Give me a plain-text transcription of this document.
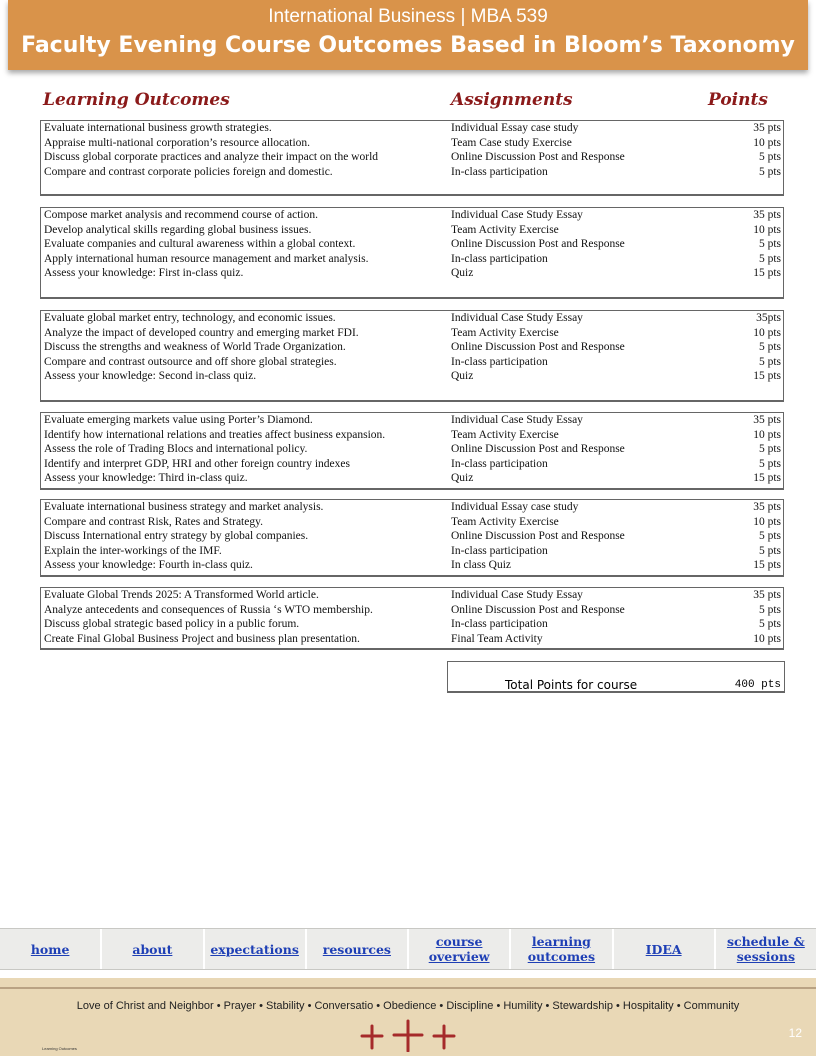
International Business | MBA 539
Faculty Evening Course Outcomes Based in Bloom’s Taxonomy
Learning Outcomes	Assignments	Points
Evaluate international business growth strategies.	Individual Essay case study	35 pts
Appraise multi-national corporation’s resource allocation.	Team Case study Exercise	10 pts
Discuss global corporate practices and analyze their impact on the world	Online Discussion Post and Response	5 pts
Compare and contrast corporate policies foreign and domestic.	In-class participation	5 pts
Compose market analysis and recommend course of action.	Individual Case Study Essay	35 pts
Develop analytical skills regarding global business issues.	Team Activity Exercise	10 pts
Evaluate companies and cultural awareness within a global context.	Online Discussion Post and Response	5 pts
Apply international human resource management and market analysis.	In-class participation	5 pts
Assess your knowledge: First in-class quiz.	Quiz	15 pts
Evaluate global market entry, technology, and economic issues.	Individual Case Study Essay	35pts
Analyze the impact of developed country and emerging market FDI.	Team Activity Exercise	10 pts
Discuss the strengths and weakness of World Trade Organization.	Online Discussion Post and Response	5 pts
Compare and contrast outsource and off shore global strategies.	In-class participation	5 pts
Assess your knowledge: Second in-class quiz.	Quiz	15 pts
Evaluate emerging markets value using Porter’s Diamond.	Individual Case Study Essay	35 pts
Identify how international relations and treaties affect business expansion.	Team Activity Exercise	10 pts
Assess the role of Trading Blocs and international policy.	Online Discussion Post and Response	5 pts
Identify and interpret GDP, HRI and other foreign country indexes	In-class participation	5 pts
Assess your knowledge: Third in-class quiz.	Quiz	15 pts
Evaluate international business strategy and market analysis.	Individual Essay case study	35 pts
Compare and contrast Risk, Rates and Strategy.	Team Activity Exercise	10 pts
Discuss International entry strategy by global companies.	Online Discussion Post and Response	5 pts
Explain the inter-workings of the IMF.	In-class participation	5 pts
Assess your knowledge: Fourth in-class quiz.	In class Quiz	15 pts
Evaluate Global Trends 2025: A Transformed World article.	Individual Case Study Essay	35 pts
Analyze antecedents and consequences of Russia ‘s WTO membership.	Online Discussion Post and Response	5 pts
Discuss global strategic based policy in a public forum.	In-class participation	5 pts
Create Final Global Business Project and business plan presentation.	Final Team Activity	10 pts
Total Points for course	400 pts
home	about	expectations	resources	course overview
learning outcomes	IDEA	schedule & sessions
Love of Christ and Neighbor • Prayer • Stability • Conversatio • Obedience • Discipline • Humility • Stewardship • Hospitality • Community
12
Learning Outcomes
